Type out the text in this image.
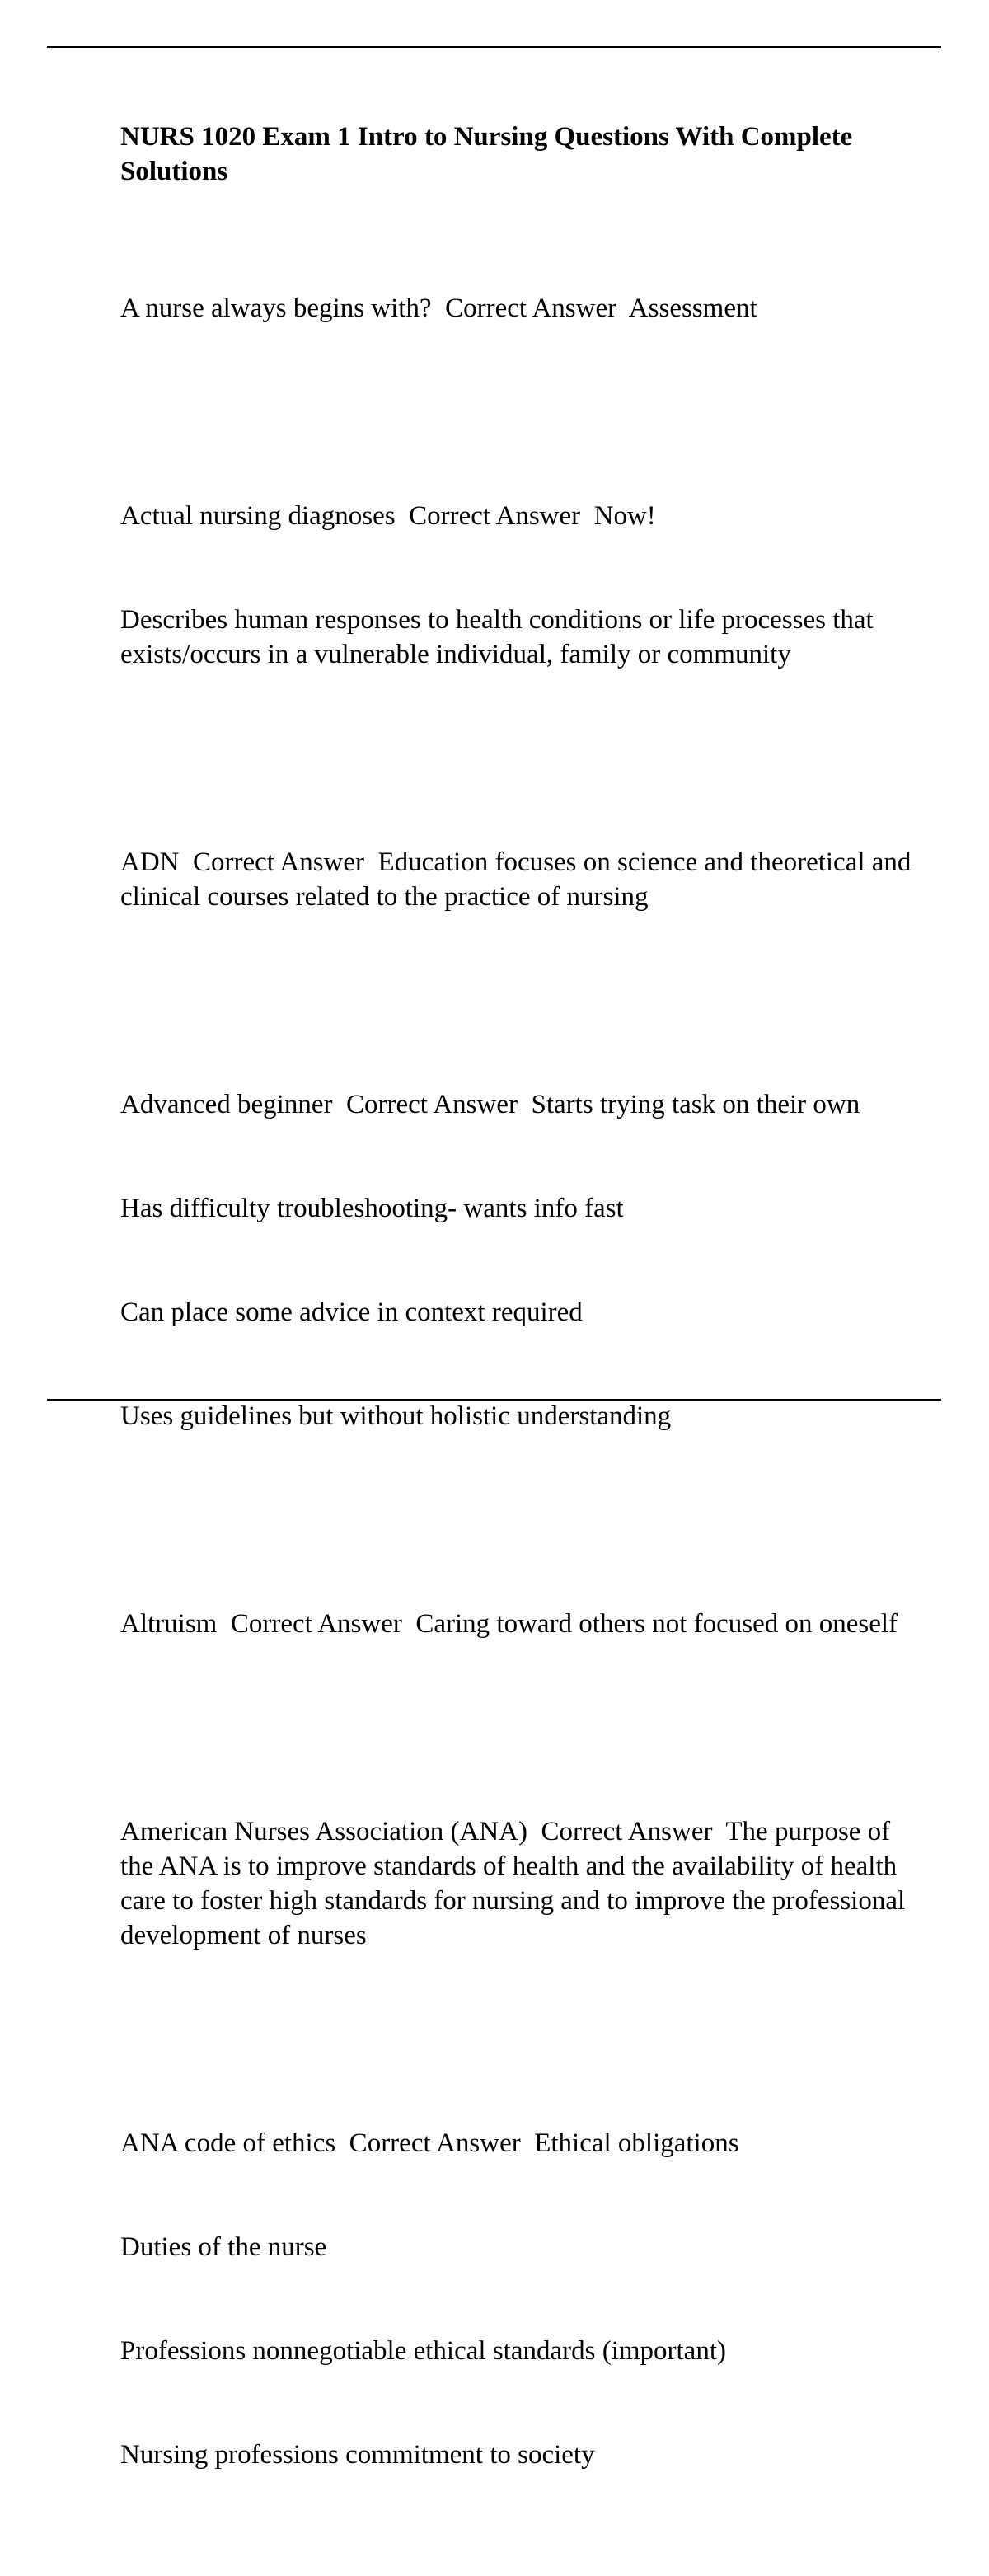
NURS 1020 Exam 1 Intro to Nursing Questions With Complete Solutions

A nurse always begins with?  Correct Answer  Assessment

Actual nursing diagnoses  Correct Answer  Now!

Describes human responses to health conditions or life processes that exists/occurs in a vulnerable individual, family or community

ADN  Correct Answer  Education focuses on science and theoretical and clinical courses related to the practice of nursing

Advanced beginner  Correct Answer  Starts trying task on their own

Has difficulty troubleshooting- wants info fast

Can place some advice in context required

Uses guidelines but without holistic understanding

Altruism  Correct Answer  Caring toward others not focused on oneself

American Nurses Association (ANA)  Correct Answer  The purpose of the ANA is to improve standards of health and the availability of health care to foster high standards for nursing and to improve the professional development of nurses

ANA code of ethics  Correct Answer  Ethical obligations

Duties of the nurse

Professions nonnegotiable ethical standards (important)

Nursing professions commitment to society
